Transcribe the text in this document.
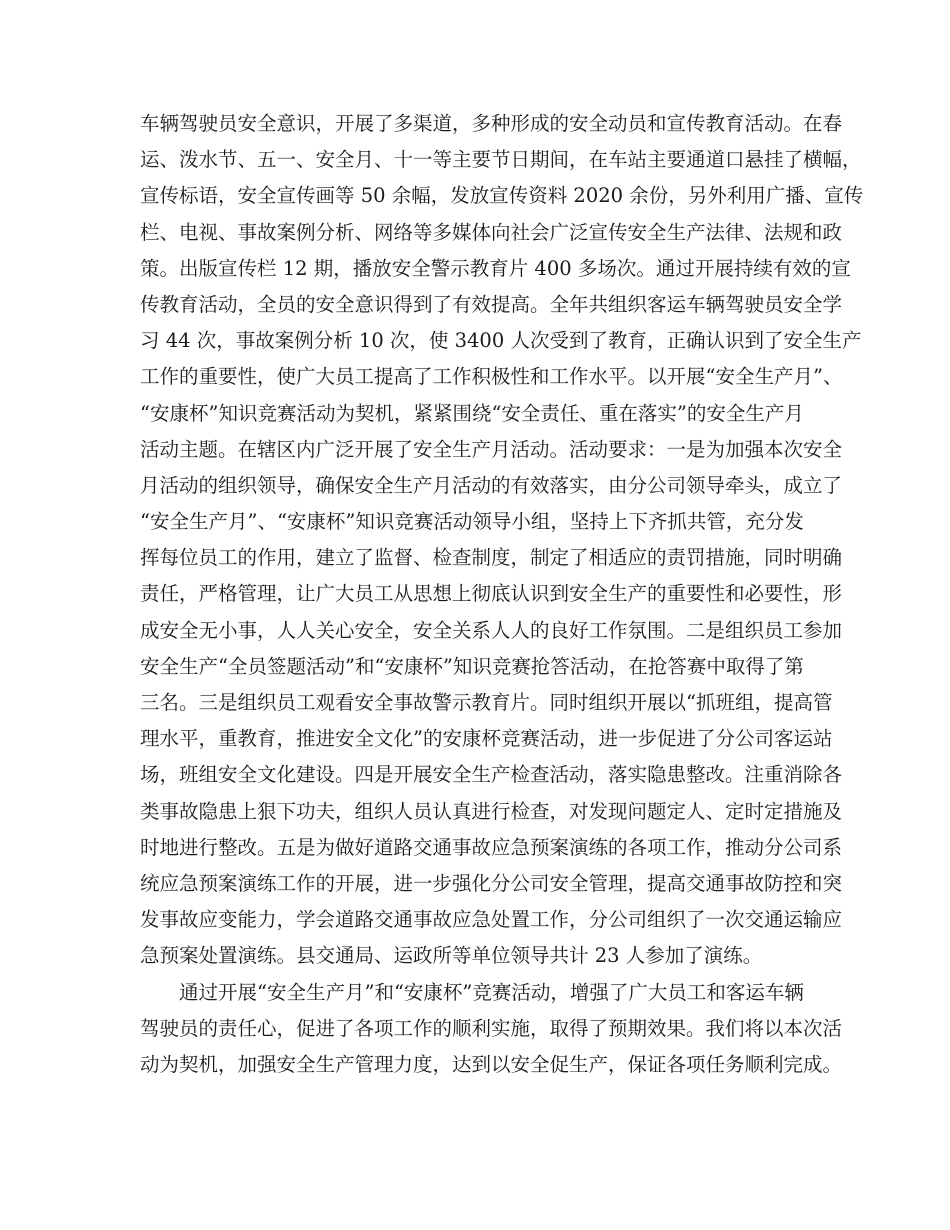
车辆驾驶员安全意识，开展了多渠道，多种形成的安全动员和宣传教育活动。在春
运、泼水节、五一、安全月、十一等主要节日期间，在车站主要通道口悬挂了横幅，
宣传标语，安全宣传画等 50 余幅，发放宣传资料 2020 余份，另外利用广播、宣传
栏、电视、事故案例分析、网络等多媒体向社会广泛宣传安全生产法律、法规和政
策。出版宣传栏 12 期，播放安全警示教育片 400 多场次。通过开展持续有效的宣
传教育活动，全员的安全意识得到了有效提高。全年共组织客运车辆驾驶员安全学
习 44 次，事故案例分析 10 次，使 3400 人次受到了教育，正确认识到了安全生产
工作的重要性，使广大员工提高了工作积极性和工作水平。以开展“安全生产月”、
“安康杯”知识竞赛活动为契机，紧紧围绕“安全责任、重在落实”的安全生产月
活动主题。在辖区内广泛开展了安全生产月活动。活动要求：一是为加强本次安全
月活动的组织领导，确保安全生产月活动的有效落实，由分公司领导牵头，成立了
“安全生产月”、“安康杯”知识竞赛活动领导小组，坚持上下齐抓共管，充分发
挥每位员工的作用，建立了监督、检查制度，制定了相适应的责罚措施，同时明确
责任，严格管理，让广大员工从思想上彻底认识到安全生产的重要性和必要性，形
成安全无小事，人人关心安全，安全关系人人的良好工作氛围。二是组织员工参加
安全生产“全员签题活动”和“安康杯”知识竞赛抢答活动，在抢答赛中取得了第
三名。三是组织员工观看安全事故警示教育片。同时组织开展以“抓班组，提高管
理水平，重教育，推进安全文化”的安康杯竞赛活动，进一步促进了分公司客运站
场，班组安全文化建设。四是开展安全生产检查活动，落实隐患整改。注重消除各
类事故隐患上狠下功夫，组织人员认真进行检查，对发现问题定人、定时定措施及
时地进行整改。五是为做好道路交通事故应急预案演练的各项工作，推动分公司系
统应急预案演练工作的开展，进一步强化分公司安全管理，提高交通事故防控和突
发事故应变能力，学会道路交通事故应急处置工作，分公司组织了一次交通运输应
急预案处置演练。县交通局、运政所等单位领导共计 23 人参加了演练。
通过开展“安全生产月”和“安康杯”竞赛活动，增强了广大员工和客运车辆
驾驶员的责任心，促进了各项工作的顺利实施，取得了预期效果。我们将以本次活
动为契机，加强安全生产管理力度，达到以安全促生产，保证各项任务顺利完成。
